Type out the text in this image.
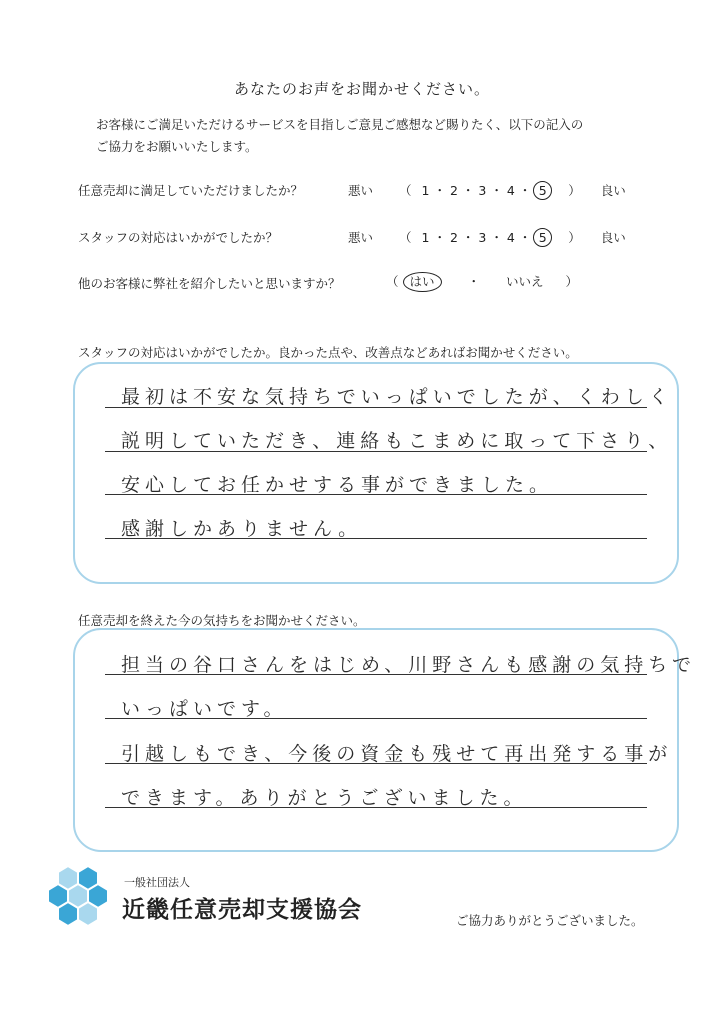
あなたのお声をお聞かせください。
お客様にご満足いただけるサービスを目指しご意見ご感想など賜りたく、以下の記入の
ご協力をお願いいたします。
任意売却に満足していただけましたか？	悪い （ 1 ・ 2 ・ 3 ・ 4 ・ 5 ） 良い
スタッフの対応はいかがでしたか？	悪い （ 1 ・ 2 ・ 3 ・ 4 ・ 5 ） 良い
他のお客様に弊社を紹介したいと思いますか？	（ はい	・ いいえ ）
スタッフの対応はいかがでしたか。良かった点や、改善点などあればお聞かせください。
最初は不安な気持ちでいっぱいでしたが、くわしく
説明していただき、連絡もこまめに取って下さり、
安心してお任かせする事ができました。
感謝しかありません。
任意売却を終えた今の気持ちをお聞かせください。
担当の谷口さんをはじめ、川野さんも感謝の気持ちで
いっぱいです。
引越しもでき、今後の資金も残せて再出発する事が
できます。ありがとうございました。
一般社団法人
近畿任意売却支援協会	ご協力ありがとうございました。
